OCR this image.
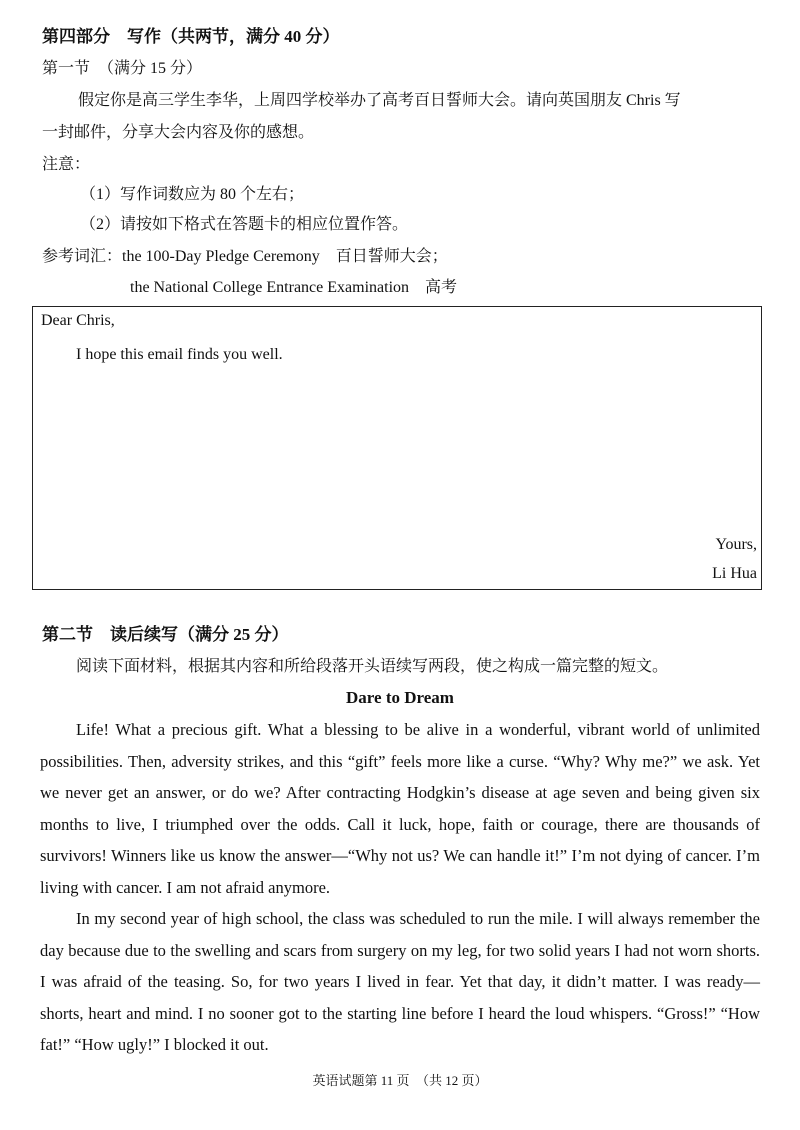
第四部分　写作（共两节，满分 40 分）
第一节　（满分 15 分）
假定你是高三学生李华，上周四学校举办了高考百日誓师大会。请向英国朋友 Chris 写
一封邮件，分享大会内容及你的感想。
注意：
（1）写作词数应为 80 个左右；
（2）请按如下格式在答题卡的相应位置作答。
参考词汇：the 100-Day Pledge Ceremony　百日誓师大会；
the National College Entrance Examination　高考
Dear Chris,
I hope this email finds you well.
Yours,
Li Hua
第二节　读后续写（满分 25 分）
阅读下面材料，根据其内容和所给段落开头语续写两段，使之构成一篇完整的短文。
Dare to Dream
Life! What a precious gift. What a blessing to be alive in a wonderful, vibrant world of unlimited possibilities. Then, adversity strikes, and this “gift” feels more like a curse. “Why? Why me?” we ask. Yet we never get an answer, or do we? After contracting Hodgkin’s disease at age seven and being given six months to live, I triumphed over the odds. Call it luck, hope, faith or courage, there are thousands of survivors! Winners like us know the answer—“Why not us? We can handle it!” I’m not dying of cancer. I’m living with cancer. I am not afraid anymore.
In my second year of high school, the class was scheduled to run the mile. I will always remember the day because due to the swelling and scars from surgery on my leg, for two solid years I had not worn shorts. I was afraid of the teasing. So, for two years I lived in fear. Yet that day, it didn’t matter. I was ready—shorts, heart and mind. I no sooner got to the starting line before I heard the loud whispers. “Gross!” “How fat!” “How ugly!” I blocked it out.
英语试题第 11 页　（共 12 页）
